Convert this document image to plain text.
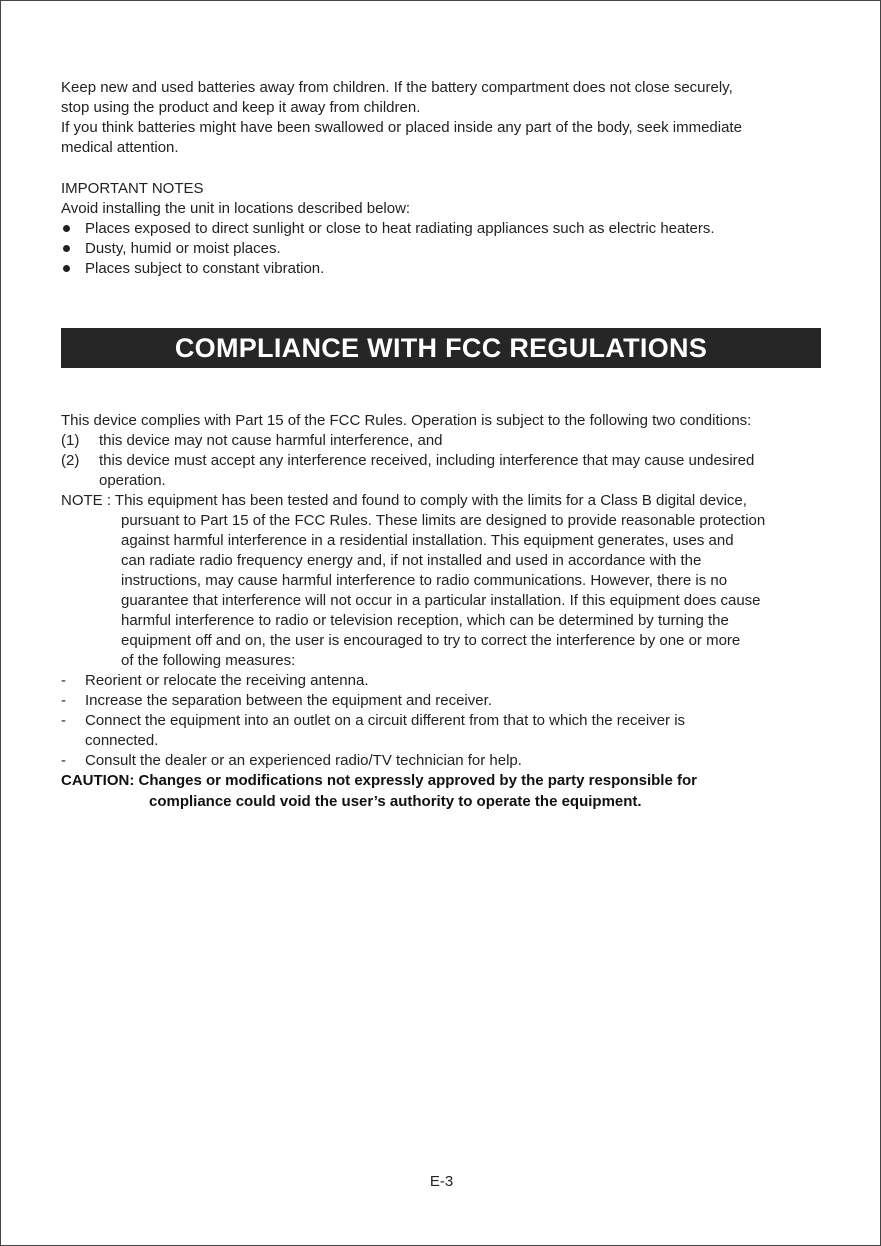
Keep new and used batteries away from children. If the battery compartment does not close securely,

stop using the product and keep it away from children.

If you think batteries might have been swallowed or placed inside any part of the body, seek immediate

medical attention.

IMPORTANT NOTES

Avoid installing the unit in locations described below:

Places exposed to direct sunlight or close to heat radiating appliances such as electric heaters.
Dusty, humid or moist places.
Places subject to constant vibration.
COMPLIANCE WITH FCC REGULATIONS

This device complies with Part 15 of the FCC Rules. Operation is subject to the following two conditions:

(1) this device may not cause harmful interference, and
(2) this device must accept any interference received, including interference that may cause undesired

operation.

NOTE : This equipment has been tested and found to comply with the limits for a Class B digital device,

pursuant to Part 15 of the FCC Rules. These limits are designed to provide reasonable protection

against harmful interference in a residential installation. This equipment generates, uses and

can radiate radio frequency energy and, if not installed and used in accordance with the

instructions, may cause harmful interference to radio communications. However, there is no

guarantee that interference will not occur in a particular installation. If this equipment does cause

harmful interference to radio or television reception, which can be determined by turning the

equipment off and on, the user is encouraged to try to correct the interference by one or more

of the following measures:

- Reorient or relocate the receiving antenna.
- Increase the separation between the equipment and receiver.
- Connect the equipment into an outlet on a circuit different from that to which the receiver is

connected.

- Consult the dealer or an experienced radio/TV technician for help.
CAUTION: Changes or modifications not expressly approved by the party responsible for

compliance could void the user’s authority to operate the equipment.

E-3
